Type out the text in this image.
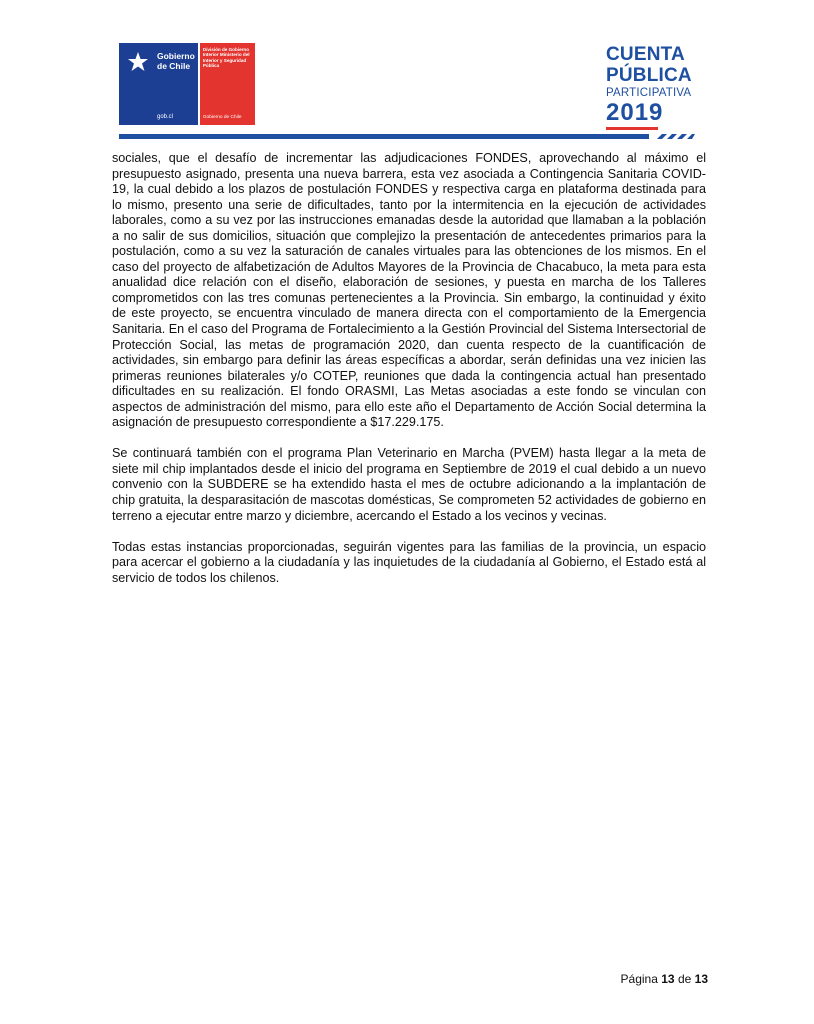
Gobierno de Chile
gob.cl
División de Gobierno Interior Ministerio del Interior y Seguridad Pública
Gobierno de Chile
CUENTA
PÚBLICA
PARTICIPATIVA
2019

sociales, que el desafío de incrementar las adjudicaciones FONDES, aprovechando al máximo el presupuesto asignado, presenta una nueva barrera, esta vez asociada a Contingencia Sanitaria COVID-19, la cual debido a los plazos de postulación FONDES y respectiva carga en plataforma destinada para lo mismo, presento una serie de dificultades, tanto por la intermitencia en la ejecución de actividades laborales, como a su vez por las instrucciones emanadas desde la autoridad que llamaban a la población a no salir de sus domicilios, situación que complejizo la presentación de antecedentes primarios para la postulación, como a su vez la saturación de canales virtuales para las obtenciones de los mismos. En el caso del proyecto de alfabetización de Adultos Mayores de la Provincia de Chacabuco, la meta para esta anualidad dice relación con el diseño, elaboración de sesiones, y puesta en marcha de los Talleres comprometidos con las tres comunas pertenecientes a la Provincia. Sin embargo, la continuidad y éxito de este proyecto, se encuentra vinculado de manera directa con el comportamiento de la Emergencia Sanitaria. En el caso del Programa de Fortalecimiento a la Gestión Provincial del Sistema Intersectorial de Protección Social, las metas de programación 2020, dan cuenta respecto de la cuantificación de actividades, sin embargo para definir las áreas específicas a abordar, serán definidas una vez inicien las primeras reuniones bilaterales y/o COTEP, reuniones que dada la contingencia actual han presentado dificultades en su realización. El fondo ORASMI, Las Metas asociadas a este fondo se vinculan con aspectos de administración del mismo, para ello este año el Departamento de Acción Social determina la asignación de presupuesto correspondiente a $17.229.175.

Se continuará también con el programa Plan Veterinario en Marcha (PVEM) hasta llegar a la meta de siete mil chip implantados desde el inicio del programa en Septiembre de 2019 el cual debido a un nuevo convenio con la SUBDERE se ha extendido hasta el mes de octubre adicionando a la implantación de chip gratuita, la desparasitación de mascotas domésticas, Se comprometen 52 actividades de gobierno en terreno a ejecutar entre marzo y diciembre, acercando el Estado a los vecinos y vecinas.

Todas estas instancias proporcionadas, seguirán vigentes para las familias de la provincia, un espacio para acercar el gobierno a la ciudadanía y las inquietudes de la ciudadanía al Gobierno, el Estado está al servicio de todos los chilenos.

Página 13 de 13
